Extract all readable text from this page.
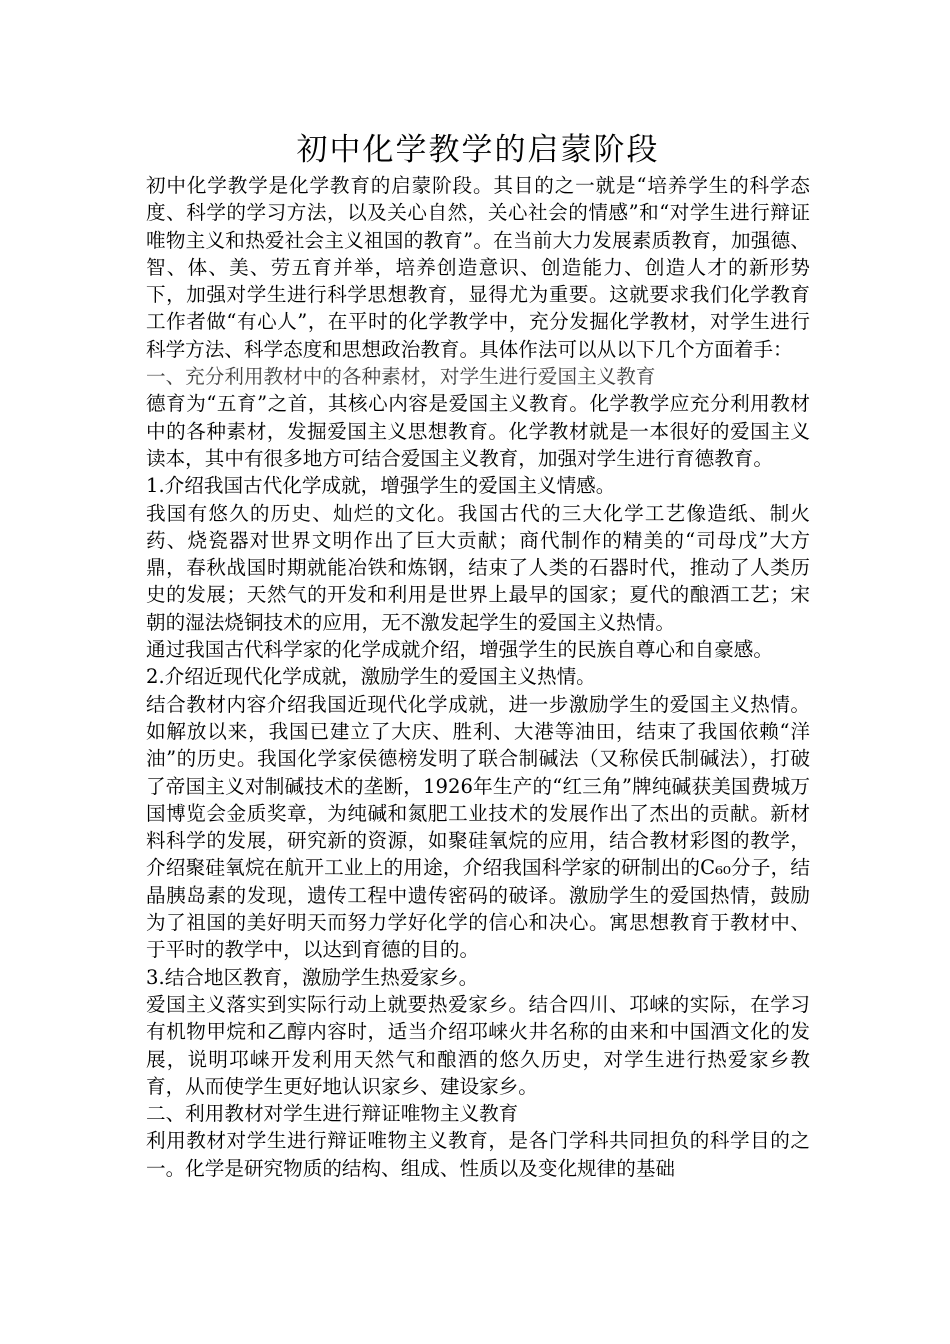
初中化学教学的启蒙阶段

初中化学教学是化学教育的启蒙阶段。其目的之一就是“培养学生的科学态度、科学的学习方法，以及关心自然，关心社会的情感”和“对学生进行辩证唯物主义和热爱社会主义祖国的教育”。在当前大力发展素质教育，加强德、智、体、美、劳五育并举，培养创造意识、创造能力、创造人才的新形势下，加强对学生进行科学思想教育，显得尤为重要。这就要求我们化学教育工作者做“有心人”，在平时的化学教学中，充分发掘化学教材，对学生进行科学方法、科学态度和思想政治教育。具体作法可以从以下几个方面着手：

一、充分利用教材中的各种素材，对学生进行爱国主义教育

德育为“五育”之首，其核心内容是爱国主义教育。化学教学应充分利用教材中的各种素材，发掘爱国主义思想教育。化学教材就是一本很好的爱国主义读本，其中有很多地方可结合爱国主义教育，加强对学生进行育德教育。

1.介绍我国古代化学成就，增强学生的爱国主义情感。

我国有悠久的历史、灿烂的文化。我国古代的三大化学工艺像造纸、制火药、烧瓷器对世界文明作出了巨大贡献；商代制作的精美的“司母戊”大方鼎，春秋战国时期就能冶铁和炼钢，结束了人类的石器时代，推动了人类历史的发展；天然气的开发和利用是世界上最早的国家；夏代的酿酒工艺；宋朝的湿法烧铜技术的应用，无不激发起学生的爱国主义热情。

通过我国古代科学家的化学成就介绍，增强学生的民族自尊心和自豪感。

2.介绍近现代化学成就，激励学生的爱国主义热情。

结合教材内容介绍我国近现代化学成就，进一步激励学生的爱国主义热情。如解放以来，我国已建立了大庆、胜利、大港等油田，结束了我国依赖“洋油”的历史。我国化学家侯德榜发明了联合制碱法（又称侯氏制碱法），打破了帝国主义对制碱技术的垄断，1926年生产的“红三角”牌纯碱获美国费城万国博览会金质奖章，为纯碱和氮肥工业技术的发展作出了杰出的贡献。新材料科学的发展，研究新的资源，如聚硅氧烷的应用，结合教材彩图的教学，介绍聚硅氧烷在航开工业上的用途，介绍我国科学家的研制出的C₆₀分子，结晶胰岛素的发现，遗传工程中遗传密码的破译。激励学生的爱国热情，鼓励为了祖国的美好明天而努力学好化学的信心和决心。寓思想教育于教材中、于平时的教学中，以达到育德的目的。

3.结合地区教育，激励学生热爱家乡。

爱国主义落实到实际行动上就要热爱家乡。结合四川、邛崃的实际，在学习有机物甲烷和乙醇内容时，适当介绍邛崃火井名称的由来和中国酒文化的发展，说明邛崃开发利用天然气和酿酒的悠久历史，对学生进行热爱家乡教育，从而使学生更好地认识家乡、建设家乡。

二、利用教材对学生进行辩证唯物主义教育

利用教材对学生进行辩证唯物主义教育，是各门学科共同担负的科学目的之一。化学是研究物质的结构、组成、性质以及变化规律的基础
